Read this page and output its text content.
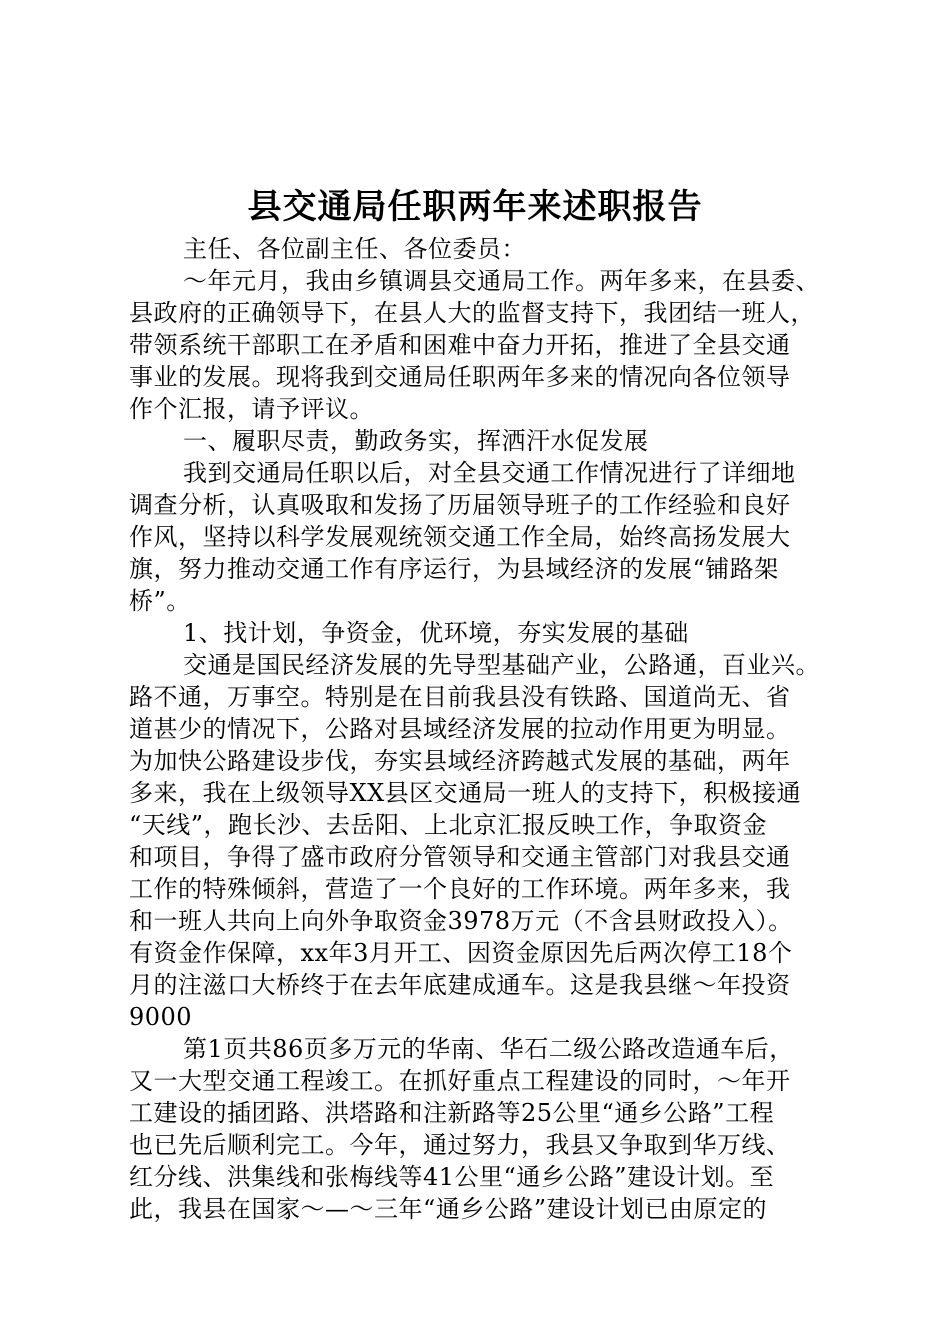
县交通局任职两年来述职报告
主任、各位副主任、各位委员：
～年元月，我由乡镇调县交通局工作。两年多来，在县委、
县政府的正确领导下，在县人大的监督支持下，我团结一班人，
带领系统干部职工在矛盾和困难中奋力开拓，推进了全县交通
事业的发展。现将我到交通局任职两年多来的情况向各位领导
作个汇报，请予评议。
一、履职尽责，勤政务实，挥洒汗水促发展
我到交通局任职以后，对全县交通工作情况进行了详细地
调查分析，认真吸取和发扬了历届领导班子的工作经验和良好
作风，坚持以科学发展观统领交通工作全局，始终高扬发展大
旗，努力推动交通工作有序运行，为县域经济的发展“铺路架
桥”。
1、找计划，争资金，优环境，夯实发展的基础
交通是国民经济发展的先导型基础产业，公路通，百业兴。
路不通，万事空。特别是在目前我县没有铁路、国道尚无、省
道甚少的情况下，公路对县域经济发展的拉动作用更为明显。
为加快公路建设步伐，夯实县域经济跨越式发展的基础，两年
多来，我在上级领导XX县区交通局一班人的支持下，积极接通
“天线”，跑长沙、去岳阳、上北京汇报反映工作，争取资金
和项目，争得了盛市政府分管领导和交通主管部门对我县交通
工作的特殊倾斜，营造了一个良好的工作环境。两年多来，我
和一班人共向上向外争取资金3978万元（不含县财政投入）。
有资金作保障，xx年3月开工、因资金原因先后两次停工18个
月的注滋口大桥终于在去年底建成通车。这是我县继～年投资
9000
第1页共86页多万元的华南、华石二级公路改造通车后，
又一大型交通工程竣工。在抓好重点工程建设的同时，～年开
工建设的插团路、洪塔路和注新路等25公里“通乡公路”工程
也已先后顺利完工。今年，通过努力，我县又争取到华万线、
红分线、洪集线和张梅线等41公里“通乡公路”建设计划。至
此，我县在国家～—～三年“通乡公路”建设计划已由原定的
